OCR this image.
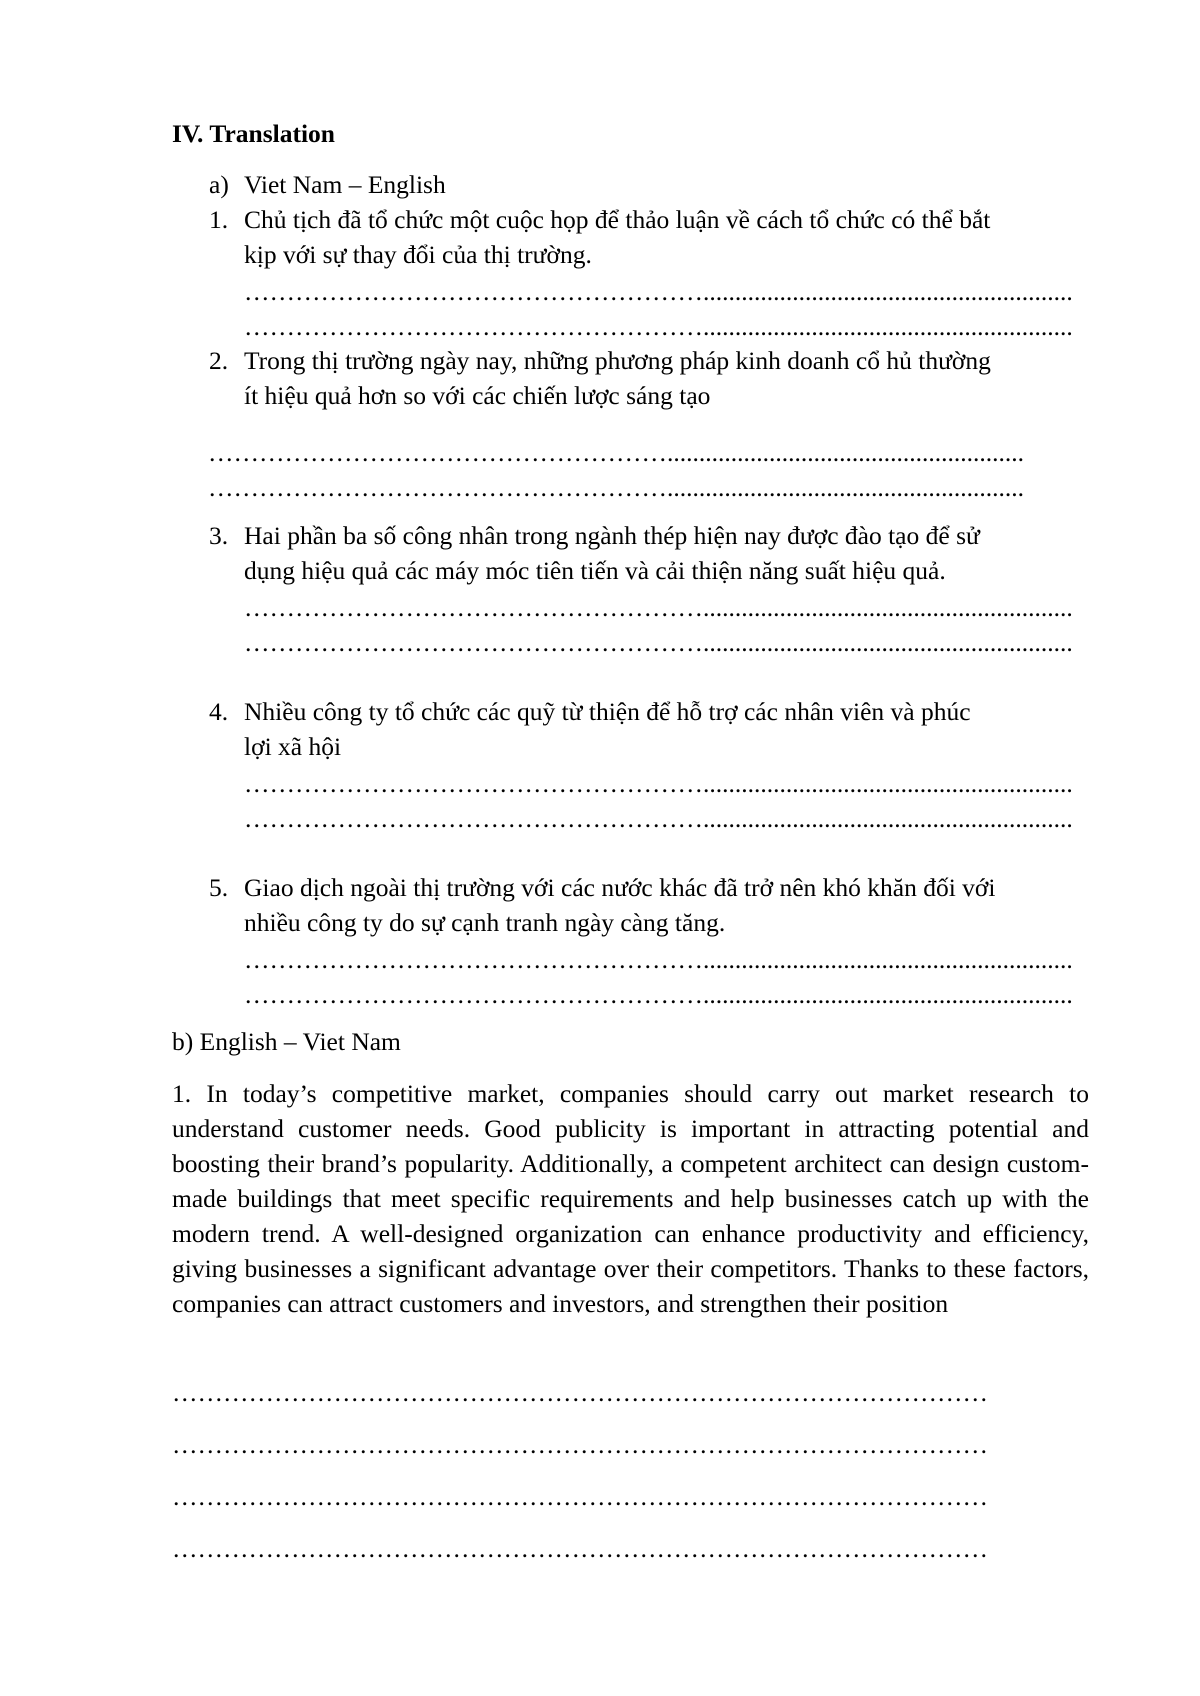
IV. Translation
a) Viet Nam – English
1. Chủ tịch đã tổ chức một cuộc họp để thảo luận về cách tổ chức có thể bắt
kịp với sự thay đổi của thị trường.
………………………………………………..........................................................
………………………………………………..........................................................
2. Trong thị trường ngày nay, những phương pháp kinh doanh cổ hủ thường
ít hiệu quả hơn so với các chiến lược sáng tạo
………………………………………………........................................................
………………………………………………........................................................
3. Hai phần ba số công nhân trong ngành thép hiện nay được đào tạo để sử
dụng hiệu quả các máy móc tiên tiến và cải thiện năng suất hiệu quả.
………………………………………………..........................................................
………………………………………………..........................................................
4. Nhiều công ty tổ chức các quỹ từ thiện để hỗ trợ các nhân viên và phúc
lợi xã hội
………………………………………………..........................................................
………………………………………………..........................................................
5. Giao dịch ngoài thị trường với các nước khác đã trở nên khó khăn đối với
nhiều công ty do sự cạnh tranh ngày càng tăng.
………………………………………………..........................................................
………………………………………………..........................................................
b) English – Viet Nam
1. In today’s competitive market, companies should carry out market research to understand customer needs. Good publicity is important in attracting potential and boosting their brand’s popularity. Additionally, a competent architect can design custom-made buildings that meet specific requirements and help businesses catch up with the modern trend. A well-designed organization can enhance productivity and efficiency, giving businesses a significant advantage over their competitors. Thanks to these factors, companies can attract customers and investors, and strengthen their position
……………………………………………………………………………………
……………………………………………………………………………………
……………………………………………………………………………………
……………………………………………………………………………………
